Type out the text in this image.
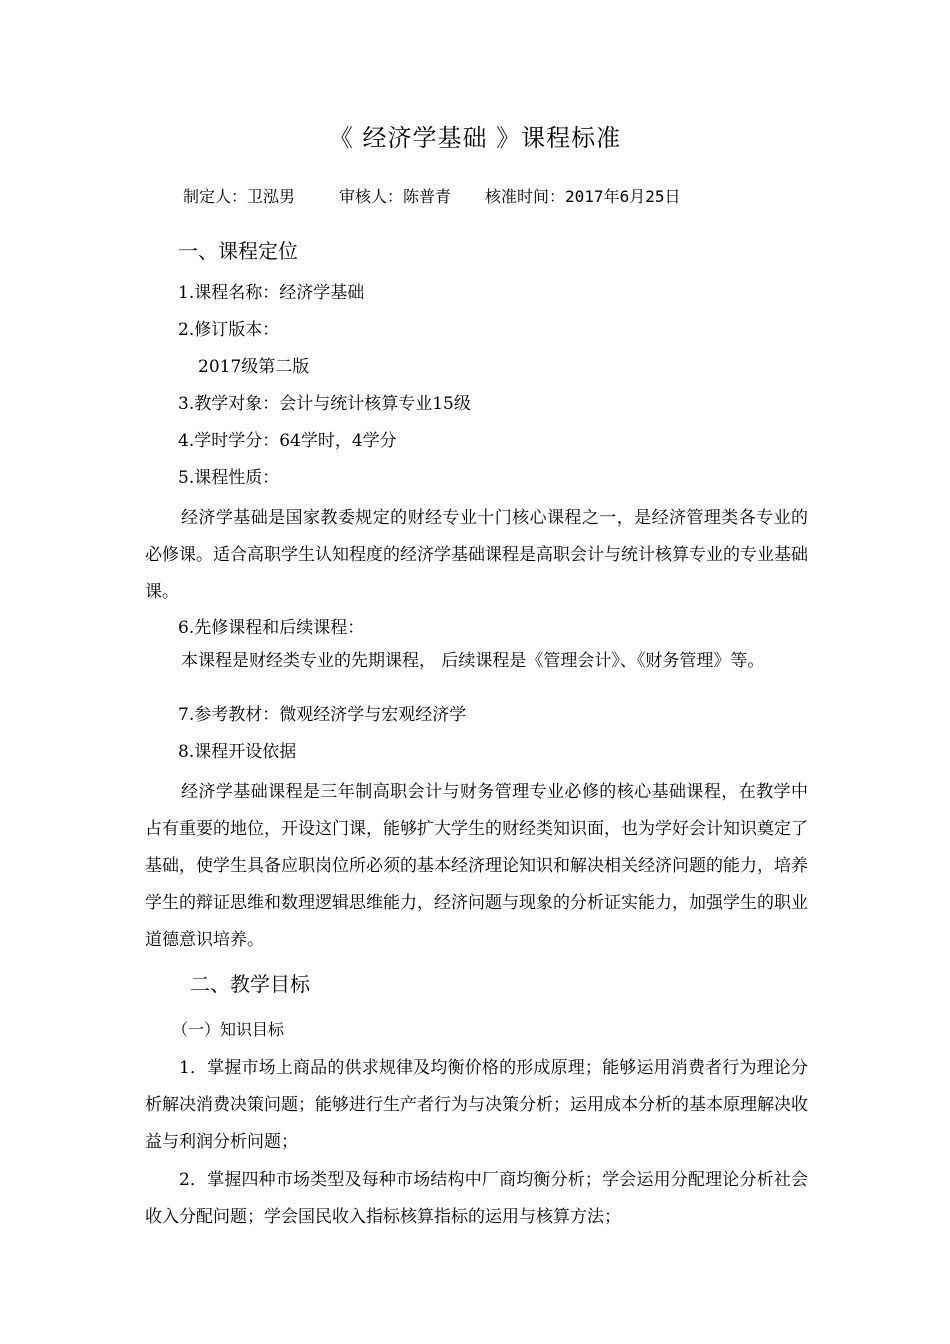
《 经济学基础 》课程标准
制定人：卫泓男	审核人：陈普青 核准时间：2017年6月25日
一、课程定位
1.课程名称：经济学基础
2.修订版本：
2017级第二版
3.教学对象：会计与统计核算专业15级
4.学时学分：64学时，4学分
5.课程性质：

经济学基础是国家教委规定的财经专业十门核心课程之一，是经济管理类各专业的必修课。适合高职学生认知程度的经济学基础课程是高职会计与统计核算专业的专业基础课。

6.先修课程和后续课程：

本课程是财经类专业的先期课程， 后续课程是《管理会计》、《财务管理》等。

7.参考教材：微观经济学与宏观经济学
8.课程开设依据

经济学基础课程是三年制高职会计与财务管理专业必修的核心基础课程，在教学中占有重要的地位，开设这门课，能够扩大学生的财经类知识面，也为学好会计知识奠定了基础，使学生具备应职岗位所必须的基本经济理论知识和解决相关经济问题的能力，培养学生的辩证思维和数理逻辑思维能力，经济问题与现象的分析证实能力，加强学生的职业道德意识培养。

二、教学目标
（一）知识目标

1．掌握市场上商品的供求规律及均衡价格的形成原理；能够运用消费者行为理论分析解决消费决策问题；能够进行生产者行为与决策分析；运用成本分析的基本原理解决收益与利润分析问题；

2．掌握四种市场类型及每种市场结构中厂商均衡分析；学会运用分配理论分析社会收入分配问题；学会国民收入指标核算指标的运用与核算方法；
